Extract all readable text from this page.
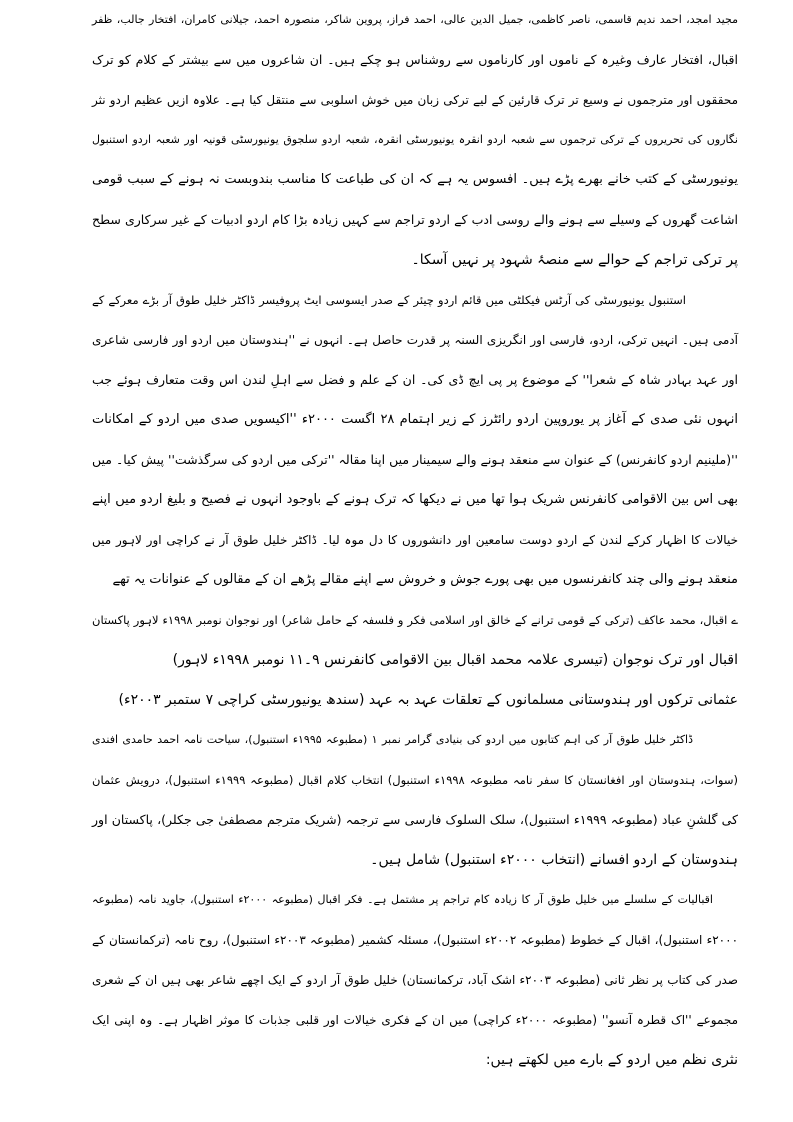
مجید امجد، احمد ندیم قاسمی، ناصر کاظمی، جمیل الدین عالی، احمد فراز، پروین شاکر، منصورہ احمد، جیلانی کامران، افتخار جالب، ظفر
اقبال، افتخار عارف وغیرہ کے ناموں اور کارناموں سے روشناس ہو چکے ہیں۔ ان شاعروں میں سے بیشتر کے کلام کو ترک
محققوں اور مترجموں نے وسیع تر ترک قارئین کے لیے ترکی زبان میں خوش اسلوبی سے منتقل کیا ہے۔ علاوہ ازیں عظیم اردو نثر
نگاروں کی تحریروں کے ترکی ترجموں سے شعبہ اردو انقرہ یونیورسٹی انقرہ، شعبہ اردو سلجوق یونیورسٹی قونیہ اور شعبہ اردو استنبول
یونیورسٹی کے کتب خانے بھرے پڑے ہیں۔ افسوس یہ ہے کہ ان کی طباعت کا مناسب بندوبست نہ ہونے کے سبب قومی
اشاعت گھروں کے وسیلے سے ہونے والے روسی ادب کے اردو تراجم سے کہیں زیادہ بڑا کام اردو ادبیات کے غیر سرکاری سطح
پر ترکی تراجم کے حوالے سے منصۂ شہود پر نہیں آسکا۔
استنبول یونیورسٹی کی آرٹس فیکلٹی میں قائم اردو چیئر کے صدر ایسوسی ایٹ پروفیسر ڈاکٹر خلیل طوق آر بڑے معرکے کے
آدمی ہیں۔ انہیں ترکی، اردو، فارسی اور انگریزی السنہ پر قدرت حاصل ہے۔ انہوں نے ''ہندوستان میں اردو اور فارسی شاعری
اور عہد بہادر شاہ کے شعرا'' کے موضوع پر پی ایچ ڈی کی۔ ان کے علم و فضل سے اہلِ لندن اس وقت متعارف ہوئے جب
انہوں نئی صدی کے آغاز پر یوروپین اردو رائٹرز کے زیر اہتمام ۲۸ اگست ۲۰۰۰ء ''اکیسویں صدی میں اردو کے امکانات
''(ملینیم اردو کانفرنس) کے عنوان سے منعقد ہونے والے سیمینار میں اپنا مقالہ ''ترکی میں اردو کی سرگذشت'' پیش کیا۔ میں
بھی اس بین الاقوامی کانفرنس شریک ہوا تھا میں نے دیکھا کہ ترک ہونے کے باوجود انہوں نے فصیح و بلیغ اردو میں اپنے
خیالات کا اظہار کرکے لندن کے اردو دوست سامعین اور دانشوروں کا دل موہ لیا۔ ڈاکٹر خلیل طوق آر نے کراچی اور لاہور میں
منعقد ہونے والی چند کانفرنسوں میں بھی پورے جوش و خروش سے اپنے مقالے پڑھے ان کے مقالوں کے عنوانات یہ تھے
ے اقبال، محمد عاکف (ترکی کے قومی ترانے کے خالق اور اسلامی فکر و فلسفہ کے حامل شاعر) اور نوجوان نومبر ۱۹۹۸ء لاہور پاکستان
اقبال اور ترک نوجوان (تیسری علامہ محمد اقبال بین الاقوامی کانفرنس ۹۔۱۱ نومبر ۱۹۹۸ء لاہور)
عثمانی ترکوں اور ہندوستانی مسلمانوں کے تعلقات عہد بہ عہد (سندھ یونیورسٹی کراچی ۷ ستمبر ۲۰۰۳ء)
ڈاکٹر خلیل طوق آر کی اہم کتابوں میں اردو کی بنیادی گرامر نمبر ۱ (مطبوعہ ۱۹۹۵ء استنبول)، سیاحت نامہ احمد حامدی افندی
(سوات، ہندوستان اور افغانستان کا سفر نامہ مطبوعہ ۱۹۹۸ء استنبول) انتخاب کلام اقبال (مطبوعہ ۱۹۹۹ء استنبول)، درویش عثمان
کی گلشنِ عباد (مطبوعہ ۱۹۹۹ء استنبول)، سلک السلوک فارسی سے ترجمہ (شریک مترجم مصطفیٰ جی جکلر)، پاکستان اور
ہندوستان کے اردو افسانے (انتخاب ۲۰۰۰ء استنبول) شامل ہیں۔
اقبالیات کے سلسلے میں خلیل طوق آر کا زیادہ کام تراجم پر مشتمل ہے۔ فکر اقبال (مطبوعہ ۲۰۰۰ء استنبول)، جاوید نامہ (مطبوعہ
۲۰۰۰ء استنبول)، اقبال کے خطوط (مطبوعہ ۲۰۰۲ء استنبول)، مسئلہ کشمیر (مطبوعہ ۲۰۰۳ء استنبول)، روح نامہ (ترکمانستان کے
صدر کی کتاب پر نظر ثانی (مطبوعہ ۲۰۰۳ء اشک آباد، ترکمانستان) خلیل طوق آر اردو کے ایک اچھے شاعر بھی ہیں ان کے شعری
مجموعے ''اک قطرہ آنسو'' (مطبوعہ ۲۰۰۰ء کراچی) میں ان کے فکری خیالات اور قلبی جذبات کا موثر اظہار ہے۔ وہ اپنی ایک
نثری نظم میں اردو کے بارے میں لکھتے ہیں:
